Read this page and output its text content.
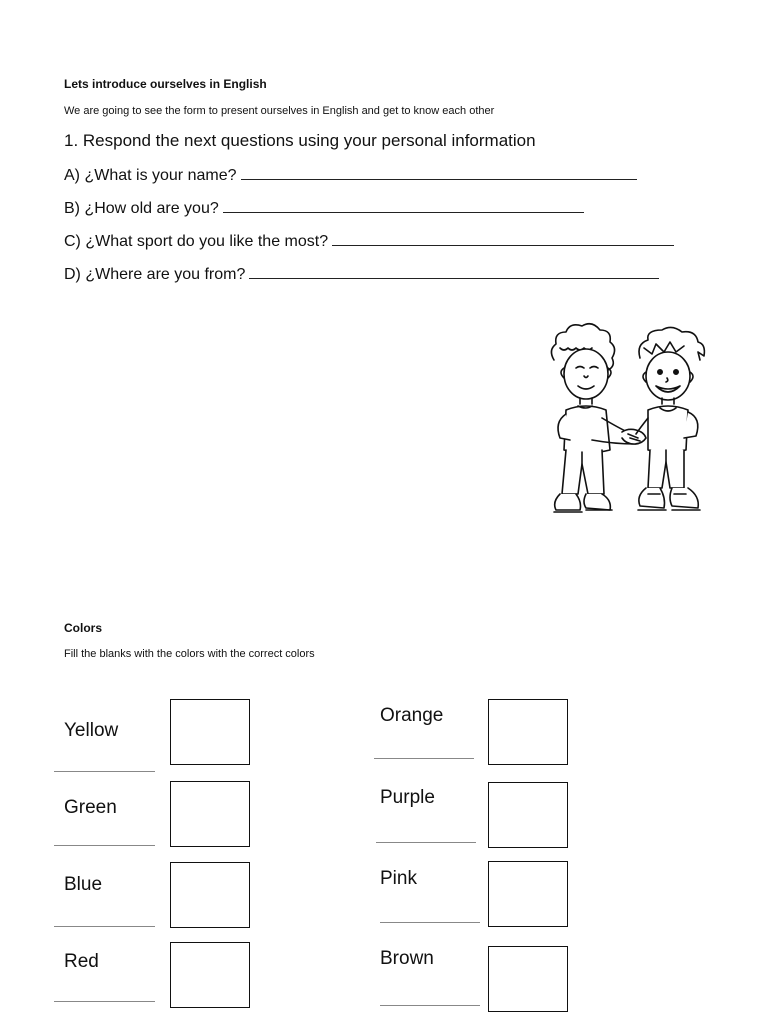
Lets introduce ourselves in English
We are going to see the form to present ourselves in English and get to know each other
1. Respond the next questions using your personal information
A) ¿What is your name?
B) ¿How old are you?
C) ¿What sport do you like the most?
D) ¿Where are you from?
Colors
Fill the blanks with the colors with the correct colors
Yellow
Green
Blue
Red
Orange
Purple
Pink
Brown
